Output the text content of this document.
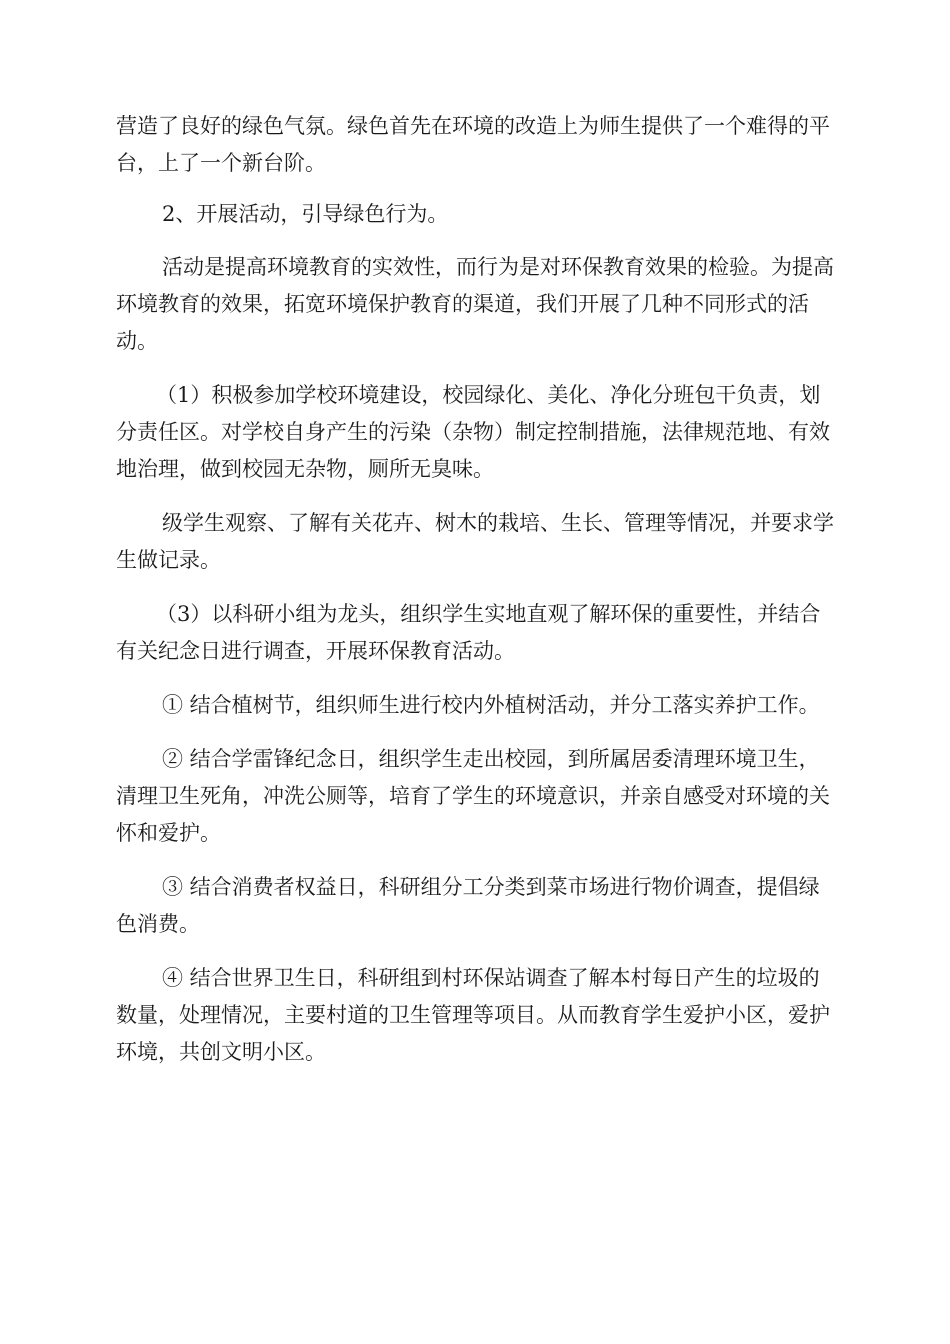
营造了良好的绿色气氛。绿色首先在环境的改造上为师生提供了一个难得的平台，上了一个新台阶。

2、开展活动，引导绿色行为。

活动是提高环境教育的实效性，而行为是对环保教育效果的检验。为提高环境教育的效果，拓宽环境保护教育的渠道，我们开展了几种不同形式的活动。

（1）积极参加学校环境建设，校园绿化、美化、净化分班包干负责，划分责任区。对学校自身产生的污染（杂物）制定控制措施，法律规范地、有效地治理，做到校园无杂物，厕所无臭味。

级学生观察、了解有关花卉、树木的栽培、生长、管理等情况，并要求学生做记录。

（3）以科研小组为龙头，组织学生实地直观了解环保的重要性，并结合有关纪念日进行调查，开展环保教育活动。

① 结合植树节，组织师生进行校内外植树活动，并分工落实养护工作。

② 结合学雷锋纪念日，组织学生走出校园，到所属居委清理环境卫生，清理卫生死角，冲洗公厕等，培育了学生的环境意识，并亲自感受对环境的关怀和爱护。

③ 结合消费者权益日，科研组分工分类到菜市场进行物价调查，提倡绿色消费。

④ 结合世界卫生日，科研组到村环保站调查了解本村每日产生的垃圾的数量，处理情况，主要村道的卫生管理等项目。从而教育学生爱护小区，爱护环境，共创文明小区。
